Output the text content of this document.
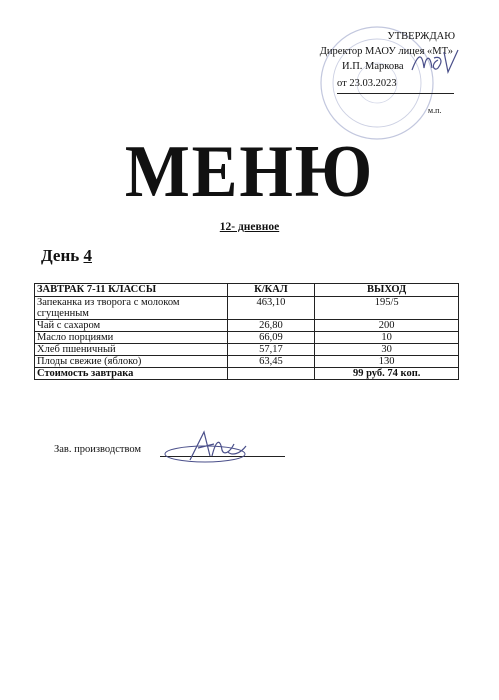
УТВЕРЖДАЮ
Директор МАОУ лицея «МТ»
И.П. Маркова
от 23.03.2023
м.п.
МЕНЮ
12- дневное
День 4
ЗАВТРАК 7-11 КЛАССЫ	К/КАЛ	ВЫХОД
Запеканка из творога с молоком сгущенным	463,10	195/5
Чай с сахаром	26,80	200
Масло порциями	66,09	10
Хлеб пшеничный	57,17	30
Плоды свежие (яблоко)	63,45	130
Стоимость завтрака		99 руб. 74 коп.
Зав. производством
